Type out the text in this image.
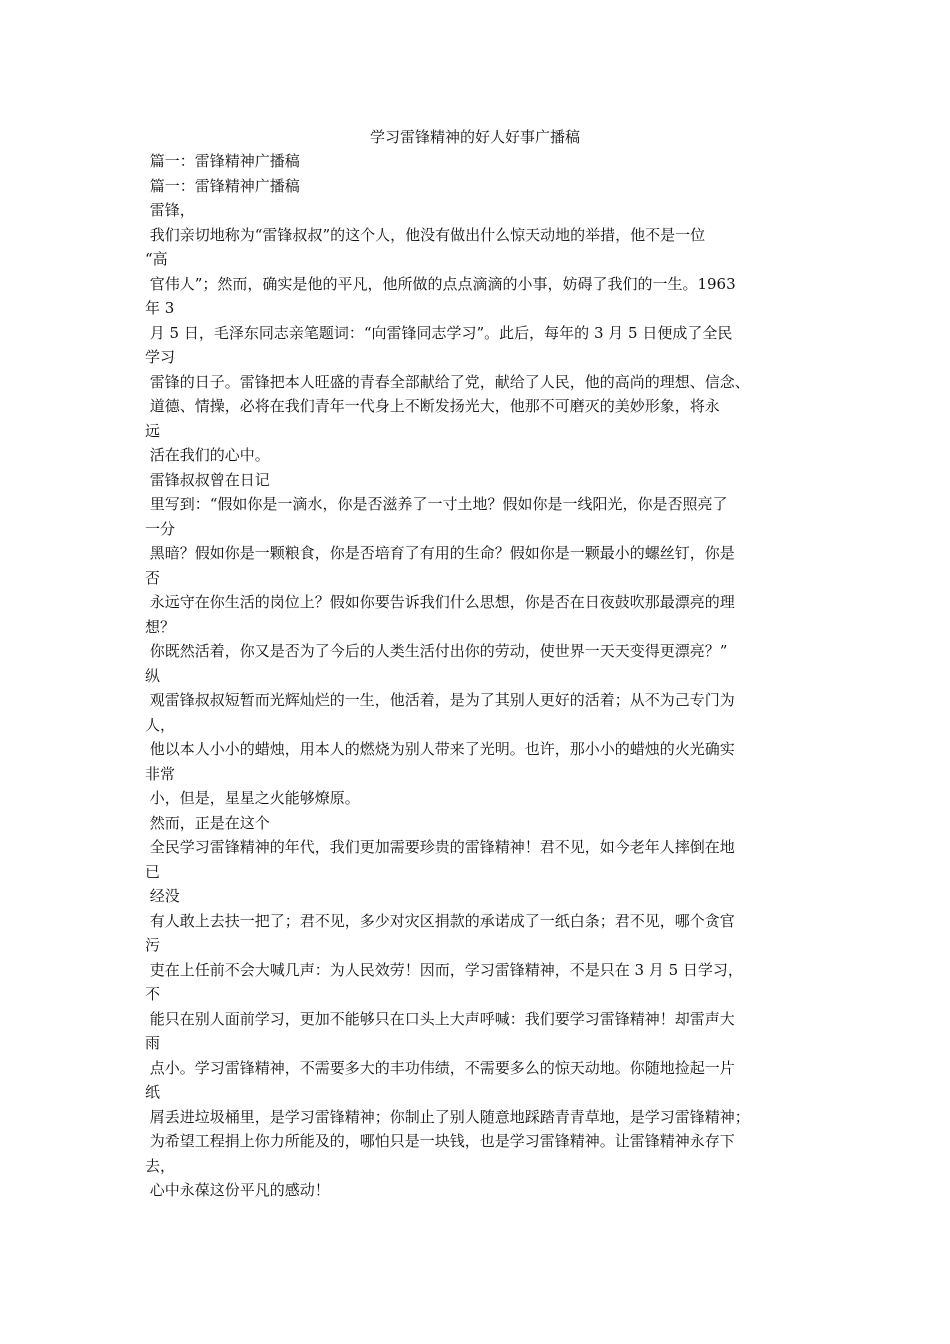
学习雷锋精神的好人好事广播稿

篇一：雷锋精神广播稿

篇一：雷锋精神广播稿

雷锋，

我们亲切地称为“雷锋叔叔”的这个人，他没有做出什么惊天动地的举措，他不是一位

“高

官伟人”；然而，确实是他的平凡，他所做的点点滴滴的小事，妨碍了我们的一生。1963

年 3

月 5 日，毛泽东同志亲笔题词：“向雷锋同志学习”。此后，每年的 3 月 5 日便成了全民

学习

雷锋的日子。雷锋把本人旺盛的青春全部献给了党，献给了人民，他的高尚的理想、信念、

道德、情操，必将在我们青年一代身上不断发扬光大，他那不可磨灭的美妙形象，将永

远

活在我们的心中。

雷锋叔叔曾在日记

里写到：“假如你是一滴水，你是否滋养了一寸土地？假如你是一线阳光，你是否照亮了

一分

黑暗？假如你是一颗粮食，你是否培育了有用的生命？假如你是一颗最小的螺丝钉，你是

否

永远守在你生活的岗位上？假如你要告诉我们什么思想，你是否在日夜鼓吹那最漂亮的理

想？

你既然活着，你又是否为了今后的人类生活付出你的劳动，使世界一天天变得更漂亮？”

纵

观雷锋叔叔短暂而光辉灿烂的一生，他活着，是为了其别人更好的活着；从不为己专门为

人，

他以本人小小的蜡烛，用本人的燃烧为别人带来了光明。也许，那小小的蜡烛的火光确实

非常

小，但是，星星之火能够燎原。

然而，正是在这个

全民学习雷锋精神的年代，我们更加需要珍贵的雷锋精神！君不见，如今老年人摔倒在地

已

经没

有人敢上去扶一把了；君不见，多少对灾区捐款的承诺成了一纸白条；君不见，哪个贪官

污

吏在上任前不会大喊几声：为人民效劳！因而，学习雷锋精神，不是只在 3 月 5 日学习，

不

能只在别人面前学习，更加不能够只在口头上大声呼喊：我们要学习雷锋精神！却雷声大

雨

点小。学习雷锋精神，不需要多大的丰功伟绩，不需要多么的惊天动地。你随地捡起一片

纸

屑丢进垃圾桶里，是学习雷锋精神；你制止了别人随意地踩踏青青草地，是学习雷锋精神；

为希望工程捐上你力所能及的，哪怕只是一块钱，也是学习雷锋精神。让雷锋精神永存下

去，

心中永葆这份平凡的感动！
